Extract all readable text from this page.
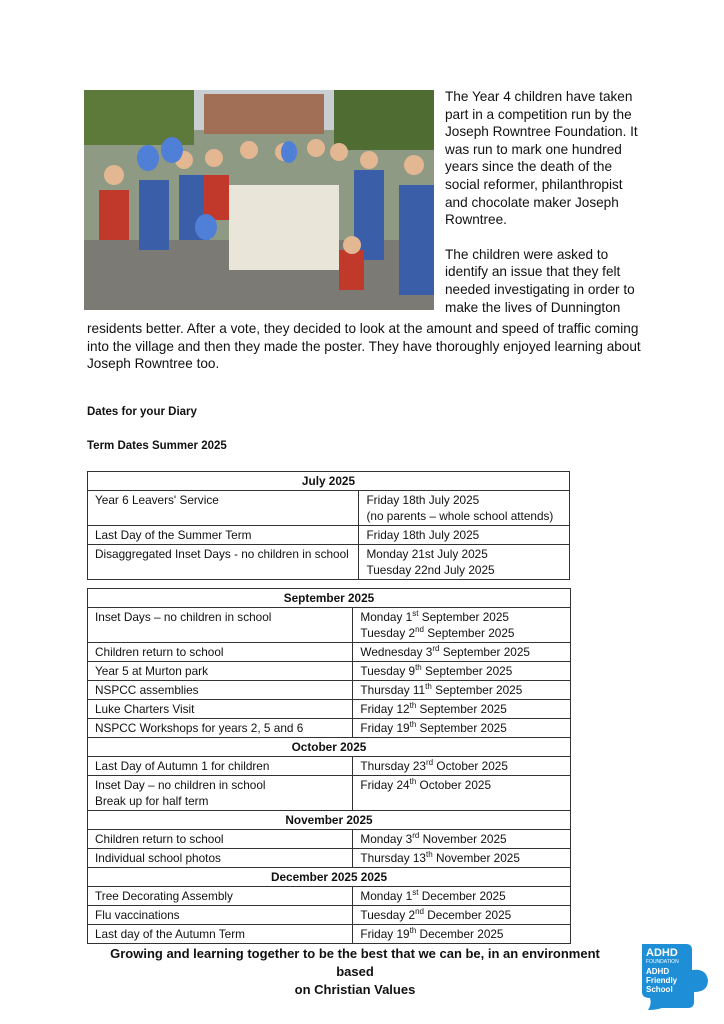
The Year 4 children have taken part in a competition run by the Joseph Rowntree Foundation. It was run to mark one hundred years since the death of the social reformer, philanthropist and chocolate maker Joseph Rowntree.

The children were asked to
identify an issue that they felt
needed investigating in order to
make the lives of Dunnington

residents better. After a vote, they decided to look at the amount and speed of traffic coming into the village and then they made the poster. They have thoroughly enjoyed learning about Joseph Rowntree too.

Dates for your Diary
Term Dates Summer 2025
July 2025	
Year 6 Leavers' Service	Friday 18th July 2025
(no parents – whole school attends)

Last Day of the Summer Term	Friday 18th July 2025
Disaggregated Inset Days - no children in school	Monday 21st July 2025
Tuesday 22nd July 2025
September 2025	
Inset Days – no children in school	Monday 1st September 2025
Tuesday 2nd September 2025

Children return to school	Wednesday 3rd September 2025
Year 5 at Murton park	Tuesday 9th September 2025
NSPCC assemblies	Thursday 11th September 2025
Luke Charters Visit	Friday 12th September 2025
NSPCC Workshops for years 2, 5 and 6	Friday 19th September 2025
October 2025	
Last Day of Autumn 1 for children	Thursday 23rd October 2025

Inset Day – no children in school
Break up for half term	Friday 24th October 2025
November 2025	
Children return to school	Monday 3rd November 2025
Individual school photos	Thursday 13th November 2025
December 2025 2025	
Tree Decorating Assembly	Monday 1st December 2025
Flu vaccinations	Tuesday 2nd December 2025
Last day of the Autumn Term	Friday 19th December 2025
Growing and learning together to be the best that we can be, in an environment based
on Christian Values
ADHD
FOUNDATION
ADHD
Friendly
School
